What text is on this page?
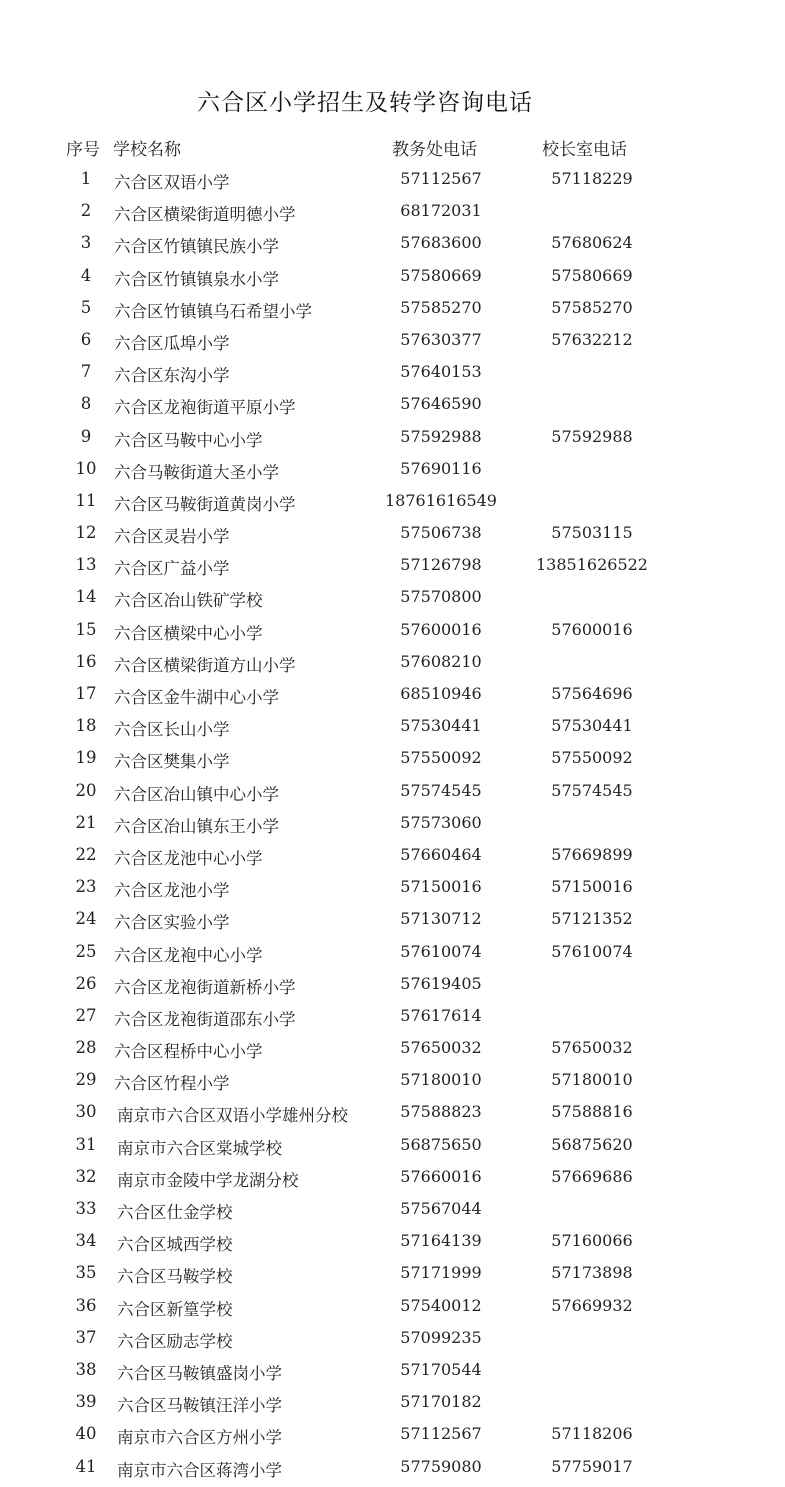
六合区小学招生及转学咨询电话
序号 学校名称	教务处电话	校长室电话
1	六合区双语小学	57112567	57118229
2	六合区横梁街道明德小学	68172031
3	六合区竹镇镇民族小学	57683600	57680624
4	六合区竹镇镇泉水小学	57580669	57580669
5	六合区竹镇镇乌石希望小学	57585270	57585270
6	六合区瓜埠小学	57630377	57632212
7	六合区东沟小学	57640153
8	六合区龙袍街道平原小学	57646590
9	六合区马鞍中心小学	57592988	57592988
10	六合马鞍街道大圣小学	57690116
11	六合区马鞍街道黄岗小学	18761616549
12	六合区灵岩小学	57506738	57503115
13	六合区广益小学	57126798	13851626522
14	六合区冶山铁矿学校	57570800
15	六合区横梁中心小学	57600016	57600016
16	六合区横梁街道方山小学	57608210
17	六合区金牛湖中心小学	68510946	57564696
18	六合区长山小学	57530441	57530441
19	六合区樊集小学	57550092	57550092
20	六合区冶山镇中心小学	57574545	57574545
21	六合区冶山镇东王小学	57573060
22	六合区龙池中心小学	57660464	57669899
23	六合区龙池小学	57150016	57150016
24	六合区实验小学	57130712	57121352
25	六合区龙袍中心小学	57610074	57610074
26	六合区龙袍街道新桥小学	57619405
27	六合区龙袍街道邵东小学	57617614
28	六合区程桥中心小学	57650032	57650032
29	六合区竹程小学	57180010	57180010
30	南京市六合区双语小学雄州分校	57588823	57588816
31	南京市六合区棠城学校	56875650	56875620
32	南京市金陵中学龙湖分校	57660016	57669686
33	六合区仕金学校	57567044
34	六合区城西学校	57164139	57160066
35	六合区马鞍学校	57171999	57173898
36	六合区新篁学校	57540012	57669932
37	六合区励志学校	57099235
38	六合区马鞍镇盛岗小学	57170544
39	六合区马鞍镇汪洋小学	57170182
40	南京市六合区方州小学	57112567	57118206
41	南京市六合区蒋湾小学	57759080	57759017
